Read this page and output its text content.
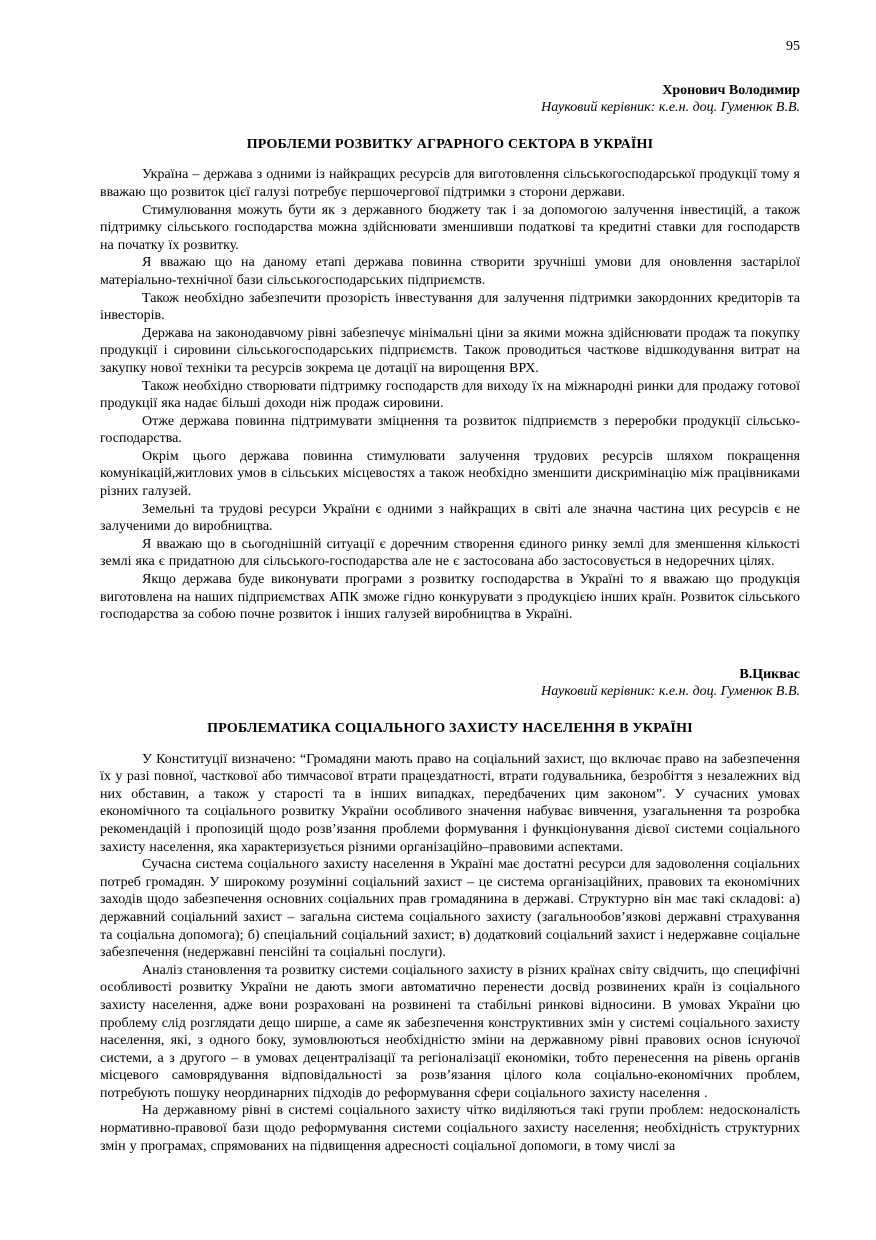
95
Хронович Володимир
Науковий керівник: к.е.н. доц. Гуменюк В.В.
ПРОБЛЕМИ РОЗВИТКУ АГРАРНОГО СЕКТОРА В УКРАЇНІ

Україна – держава з одними із найкращих ресурсів для виготовлення сільськогосподарської продукції тому я вважаю що розвиток цієї галузі потребує першочергової підтримки з сторони держави.

Стимулювання можуть бути як з державного бюджету так і за допомогою залучення інвестицій, а також підтримку сільського господарства можна здійснювати зменшивши податкові та кредитні ставки для господарств на початку їх розвитку.

Я вважаю що на даному етапі держава повинна створити зручніші умови для оновлення застарілої матеріально-технічної бази сільськогосподарських підприємств.

Також необхідно забезпечити прозорість інвестування для залучення підтримки закордонних кредиторів та інвесторів.

Держава на законодавчому рівні забезпечує мінімальні ціни за якими можна здійснювати продаж та покупку продукції і сировини сільськогосподарських підприємств. Також проводиться часткове відшкодування витрат на закупку нової техніки та ресурсів зокрема це дотації на вирощення ВРХ.

Також необхідно створювати підтримку господарств для виходу їх на міжнародні ринки для продажу готової продукції яка надає більші доходи ніж продаж сировини.

Отже держава повинна підтримувати зміцнення та розвиток підприємств з переробки продукції сільсько-господарства.

Окрім цього держава повинна стимулювати залучення трудових ресурсів шляхом покращення комунікацій,житлових умов в сільських місцевостях а також необхідно зменшити дискримінацію між працівниками різних галузей.

Земельні та трудові ресурси України є одними з найкращих в світі але значна частина цих ресурсів є не залученими до виробництва.

Я вважаю що в сьогоднішній ситуації є доречним створення єдиного ринку землі для зменшення кількості землі яка є придатною для сільського-господарства але не є застосована або застосовується в недоречних цілях.

Якщо держава буде виконувати програми з розвитку господарства в Україні то я вважаю що продукція виготовлена на наших підприємствах АПК зможе гідно конкурувати з продукцією інших країн. Розвиток сільського господарства за собою почне розвиток і інших галузей виробництва в Україні.

В.Циквас
Науковий керівник: к.е.н. доц. Гуменюк В.В.
ПРОБЛЕМАТИКА СОЦІАЛЬНОГО ЗАХИСТУ НАСЕЛЕННЯ В УКРАЇНІ

У Конституції визначено: “Громадяни мають право на соціальний захист, що включає право на забезпечення їх у разі повної, часткової або тимчасової втрати працездатності, втрати годувальника, безробіття з незалежних від них обставин, а також у старості та в інших випадках, передбачених цим законом”. У сучасних умовах економічного та соціального розвитку України особливого значення набуває вивчення, узагальнення та розробка рекомендацій і пропозицій щодо розв’язання проблеми формування і функціонування дієвої системи соціального захисту населення, яка характеризується різними організаційно–правовими аспектами.

Сучасна система соціального захисту населення в Україні має достатні ресурси для задоволення соціальних потреб громадян. У широкому розумінні соціальний захист – це система організаційних, правових та економічних заходів щодо забезпечення основних соціальних прав громадянина в державі. Структурно він має такі складові: а) державний соціальний захист – загальна система соціального захисту (загальнообов’язкові державні страхування та соціальна допомога); б) спеціальний соціальний захист; в) додатковий соціальний захист і недержавне соціальне забезпечення (недержавні пенсійні та соціальні послуги).

Аналіз становлення та розвитку системи соціального захисту в різних країнах світу свідчить, що специфічні особливості розвитку України не дають змоги автоматично перенести досвід розвинених країн із соціального захисту населення, адже вони розраховані на розвинені та стабільні ринкові відносини. В умовах України цю проблему слід розглядати дещо ширше, а саме як забезпечення конструктивних змін у системі соціального захисту населення, які, з одного боку, зумовлюються необхідністю зміни на державному рівні правових основ існуючої системи, а з другого – в умовах децентралізації та регіоналізації економіки, тобто перенесення на рівень органів місцевого самоврядування відповідальності за розв’язання цілого кола соціально-економічних проблем, потребують пошуку неординарних підходів до реформування сфери соціального захисту населення .

На державному рівні в системі соціального захисту чітко виділяються такі групи проблем: недосконалість нормативно-правової бази щодо реформування системи соціального захисту населення; необхідність структурних змін у програмах, спрямованих на підвищення адресності соціальної допомоги, в тому числі за
